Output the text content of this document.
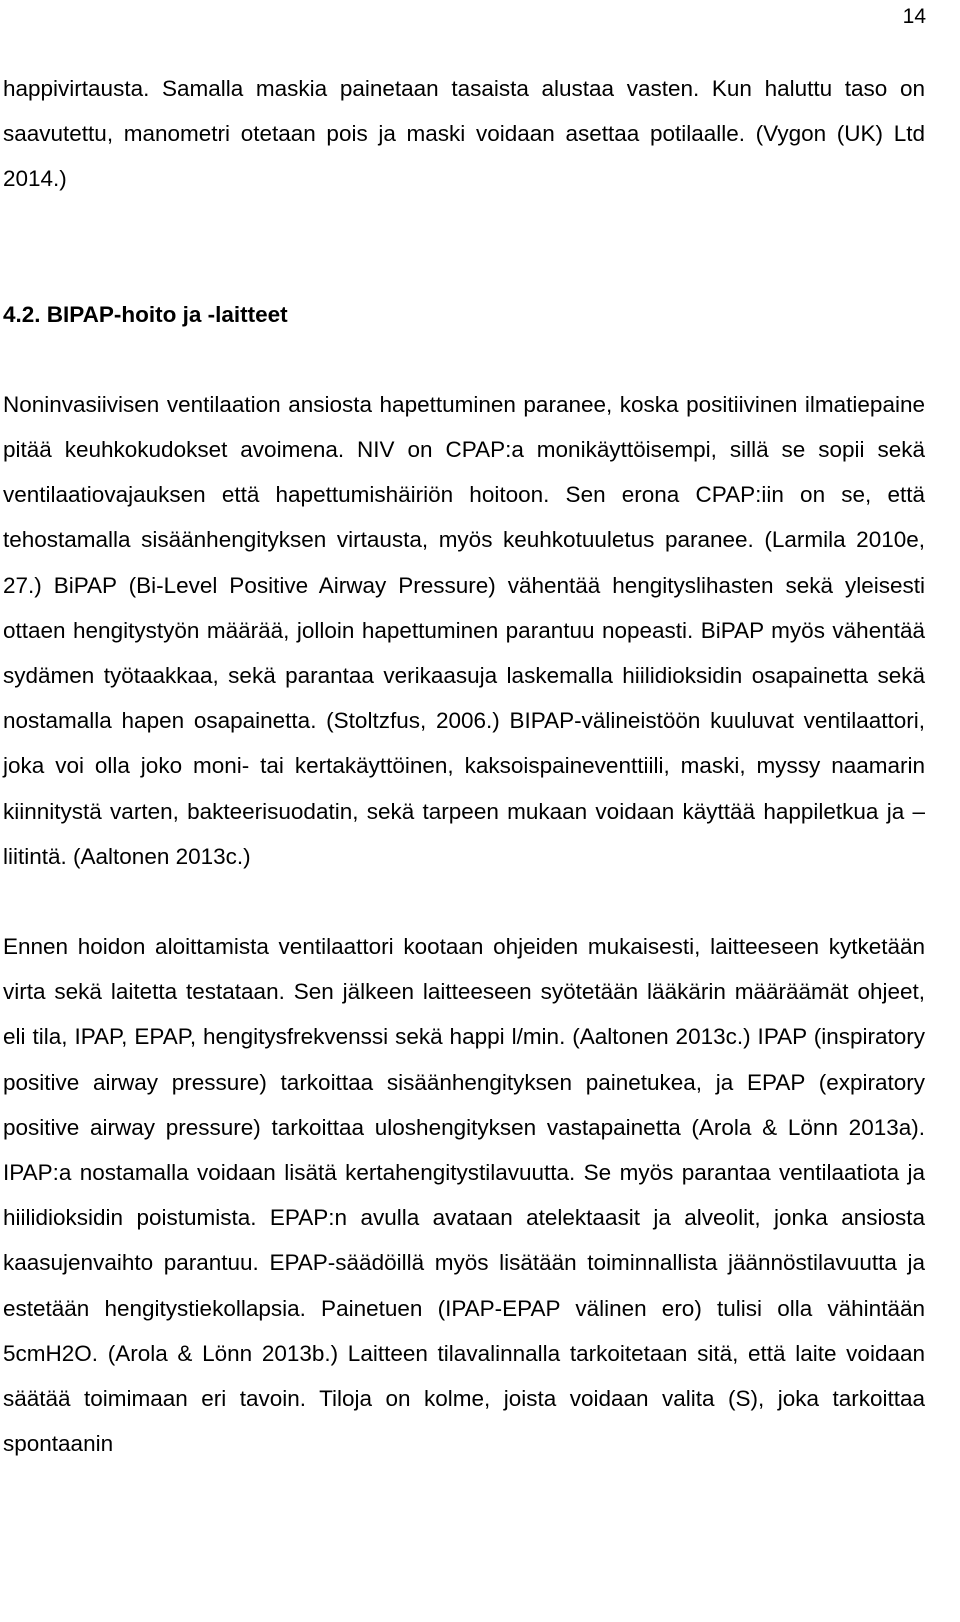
14

happivirtausta. Samalla maskia painetaan tasaista alustaa vasten. Kun haluttu taso on saavutettu, manometri otetaan pois ja maski voidaan asettaa potilaalle. (Vygon (UK) Ltd 2014.)

4.2. BIPAP-hoito ja -laitteet

Noninvasiivisen ventilaation ansiosta hapettuminen paranee, koska positiivinen ilmatiepaine pitää keuhkokudokset avoimena. NIV on CPAP:a monikäyttöisempi, sillä se sopii sekä ventilaatiovajauksen että hapettumishäiriön hoitoon. Sen erona CPAP:iin on se, että tehostamalla sisäänhengityksen virtausta, myös keuhkotuuletus paranee. (Larmila 2010e, 27.) BiPAP (Bi-Level Positive Airway Pressure) vähentää hengityslihasten sekä yleisesti ottaen hengitystyön määrää, jolloin hapettuminen parantuu nopeasti. BiPAP myös vähentää sydämen työtaakkaa, sekä parantaa verikaasuja laskemalla hiilidioksidin osapainetta sekä nostamalla hapen osapainetta. (Stoltzfus, 2006.) BIPAP-välineistöön kuuluvat ventilaattori, joka voi olla joko moni- tai kertakäyttöinen, kaksoispaineventtiili, maski, myssy naamarin kiinnitystä varten, bakteerisuodatin, sekä tarpeen mukaan voidaan käyttää happiletkua ja – liitintä. (Aaltonen 2013c.)

Ennen hoidon aloittamista ventilaattori kootaan ohjeiden mukaisesti, laitteeseen kytketään virta sekä laitetta testataan. Sen jälkeen laitteeseen syötetään lääkärin määräämät ohjeet, eli tila, IPAP, EPAP, hengitysfrekvenssi sekä happi l/min. (Aaltonen 2013c.) IPAP (inspiratory positive airway pressure) tarkoittaa sisäänhengityksen painetukea, ja EPAP (expiratory positive airway pressure) tarkoittaa uloshengityksen vastapainetta (Arola & Lönn 2013a). IPAP:a nostamalla voidaan lisätä kertahengitystilavuutta. Se myös parantaa ventilaatiota ja hiilidioksidin poistumista. EPAP:n avulla avataan atelektaasit ja alveolit, jonka ansiosta kaasujenvaihto parantuu. EPAP-säädöillä myös lisätään toiminnallista jäännöstilavuutta ja estetään hengitystiekollapsia. Painetuen (IPAP-EPAP välinen ero) tulisi olla vähintään 5cmH2O. (Arola & Lönn 2013b.) Laitteen tilavalinnalla tarkoitetaan sitä, että laite voidaan säätää toimimaan eri tavoin. Tiloja on kolme, joista voidaan valita (S), joka tarkoittaa spontaanin
